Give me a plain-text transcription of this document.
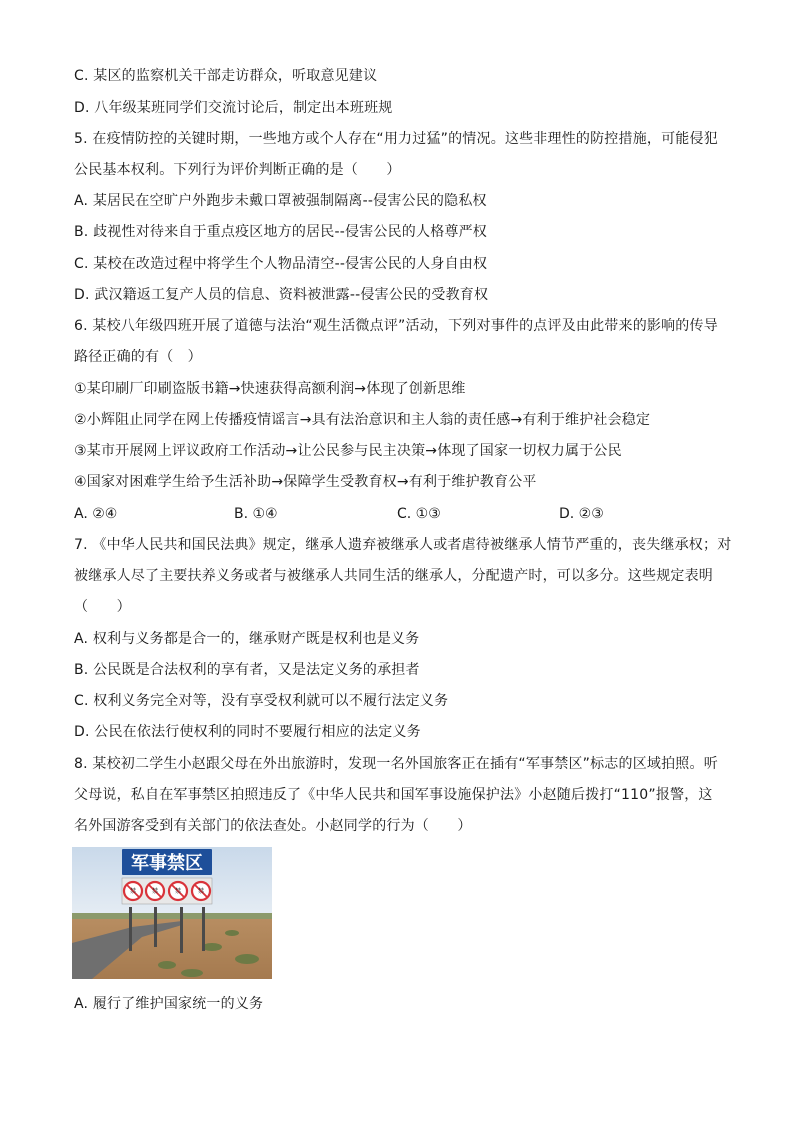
C. 某区的监察机关干部走访群众，听取意见建议
D. 八年级某班同学们交流讨论后，制定出本班班规
5. 在疫情防控的关键时期，一些地方或个人存在“用力过猛”的情况。这些非理性的防控措施，可能侵犯
公民基本权利。下列行为评价判断正确的是（　　）
A. 某居民在空旷户外跑步未戴口罩被强制隔离--侵害公民的隐私权
B. 歧视性对待来自于重点疫区地方的居民--侵害公民的人格尊严权
C. 某校在改造过程中将学生个人物品清空--侵害公民的人身自由权
D. 武汉籍返工复产人员的信息、资料被泄露--侵害公民的受教育权
6. 某校八年级四班开展了道德与法治“观生活微点评”活动，下列对事件的点评及由此带来的影响的传导
路径正确的有（　）
①某印刷厂印刷盗版书籍→快速获得高额利润→体现了创新思维
②小辉阻止同学在网上传播疫情谣言→具有法治意识和主人翁的责任感→有利于维护社会稳定
③某市开展网上评议政府工作活动→让公民参与民主决策→体现了国家一切权力属于公民
④国家对困难学生给予生活补助→保障学生受教育权→有利于维护教育公平
A. ②④	B. ①④	C. ①③	D. ②③
7. 《中华人民共和国民法典》规定，继承人遗弃被继承人或者虐待被继承人情节严重的，丧失继承权；对
被继承人尽了主要扶养义务或者与被继承人共同生活的继承人，分配遗产时，可以多分。这些规定表明
（　　）
A. 权利与义务都是合一的，继承财产既是权利也是义务
B. 公民既是合法权利的享有者，又是法定义务的承担者
C. 权利义务完全对等，没有享受权利就可以不履行法定义务
D. 公民在依法行使权利的同时不要履行相应的法定义务
8. 某校初二学生小赵跟父母在外出旅游时，发现一名外国旅客正在插有“军事禁区”标志的区域拍照。听
父母说，私自在军事禁区拍照违反了《中华人民共和国军事设施保护法》小赵随后拨打“110”报警，这
名外国游客受到有关部门的依法查处。小赵同学的行为（　　）
军事禁区
禁	禁	禁	禁
A. 履行了维护国家统一的义务
